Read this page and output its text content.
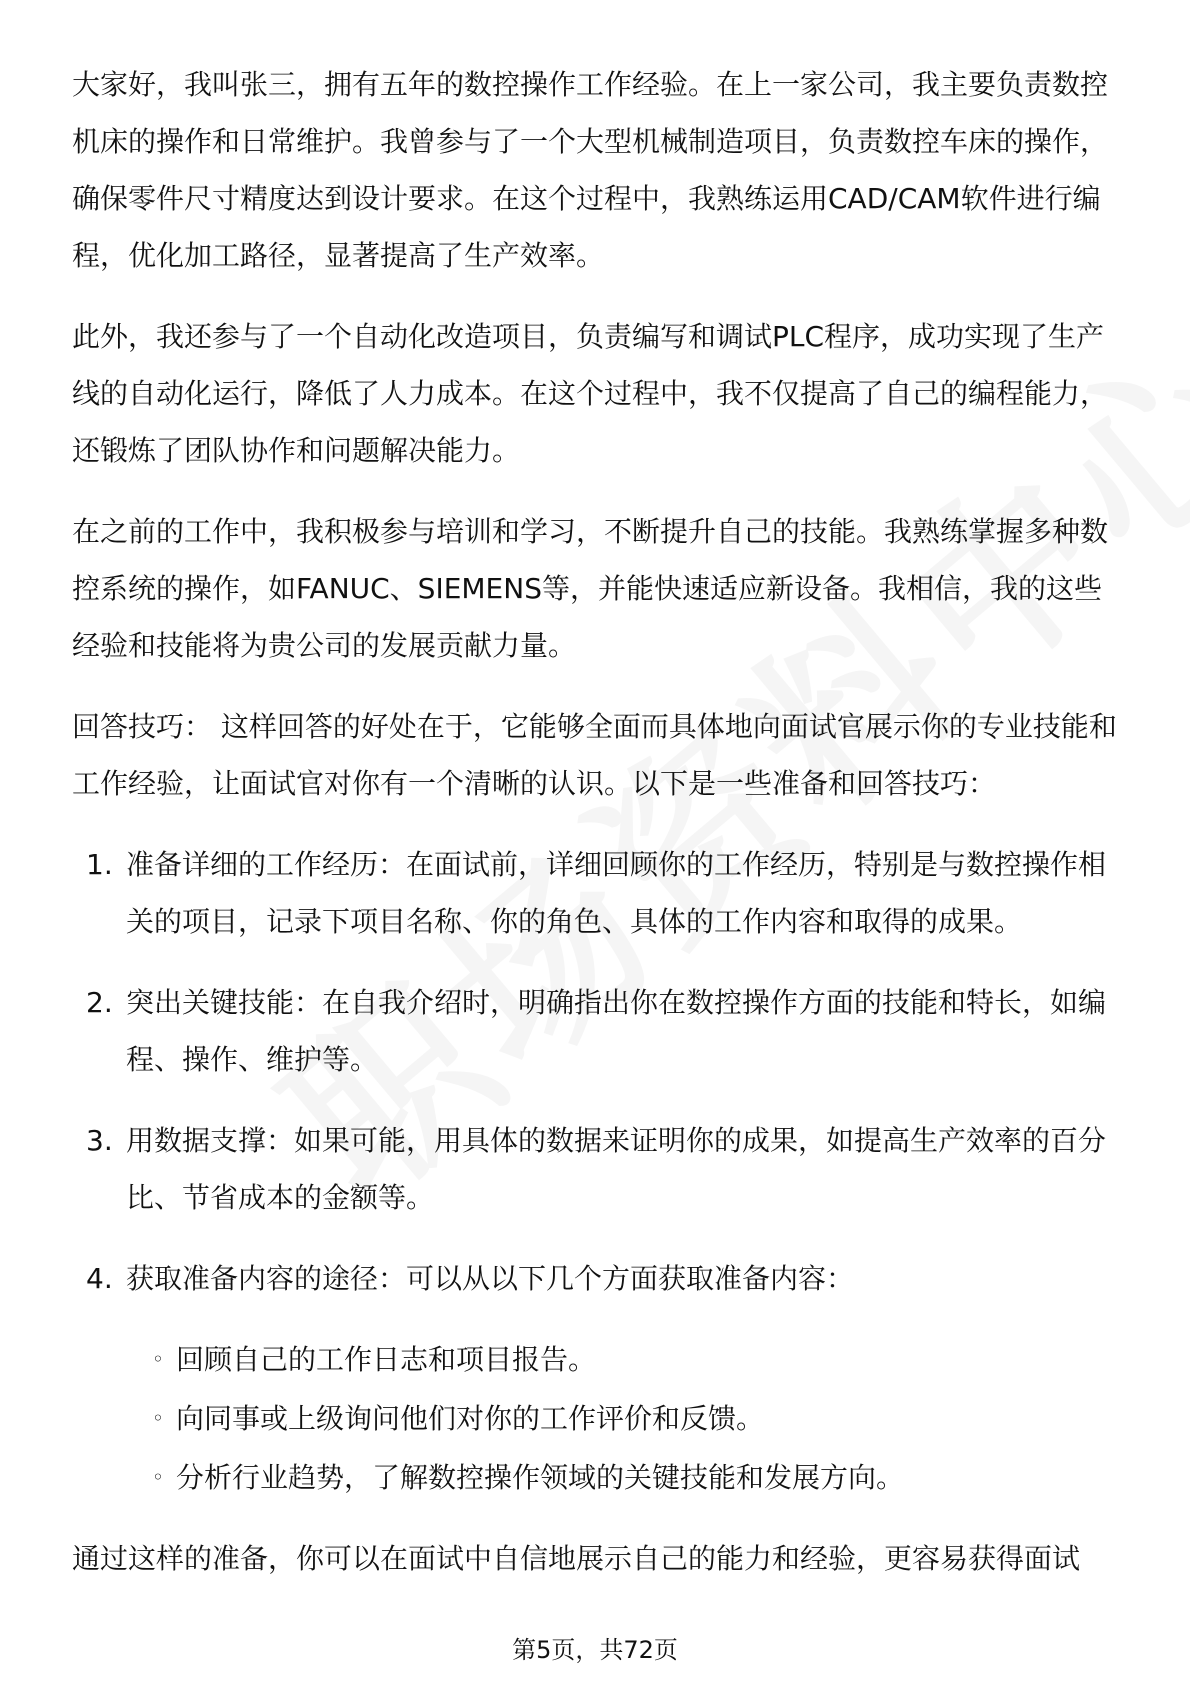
大家好，我叫张三，拥有五年的数控操作工作经验。在上一家公司，我主要负责数控机床的操作和日常维护。我曾参与了一个大型机械制造项目，负责数控车床的操作，确保零件尺寸精度达到设计要求。在这个过程中，我熟练运用CAD/CAM软件进行编程，优化加工路径，显著提高了生产效率。

此外，我还参与了一个自动化改造项目，负责编写和调试PLC程序，成功实现了生产线的自动化运行，降低了人力成本。在这个过程中，我不仅提高了自己的编程能力，还锻炼了团队协作和问题解决能力。

在之前的工作中，我积极参与培训和学习，不断提升自己的技能。我熟练掌握多种数控系统的操作，如FANUC、SIEMENS等，并能快速适应新设备。我相信，我的这些经验和技能将为贵公司的发展贡献力量。

回答技巧： 这样回答的好处在于，它能够全面而具体地向面试官展示你的专业技能和工作经验，让面试官对你有一个清晰的认识。以下是一些准备和回答技巧：

1. 准备详细的工作经历：在面试前，详细回顾你的工作经历，特别是与数控操作相关的项目，记录下项目名称、你的角色、具体的工作内容和取得的成果。
2. 突出关键技能：在自我介绍时，明确指出你在数控操作方面的技能和特长，如编程、操作、维护等。
3. 用数据支撑：如果可能，用具体的数据来证明你的成果，如提高生产效率的百分比、节省成本的金额等。
4. 获取准备内容的途径：可以从以下几个方面获取准备内容：
◦ 回顾自己的工作日志和项目报告。
◦ 向同事或上级询问他们对你的工作评价和反馈。
◦ 分析行业趋势，了解数控操作领域的关键技能和发展方向。

通过这样的准备，你可以在面试中自信地展示自己的能力和经验，更容易获得面试

第5页，共72页
